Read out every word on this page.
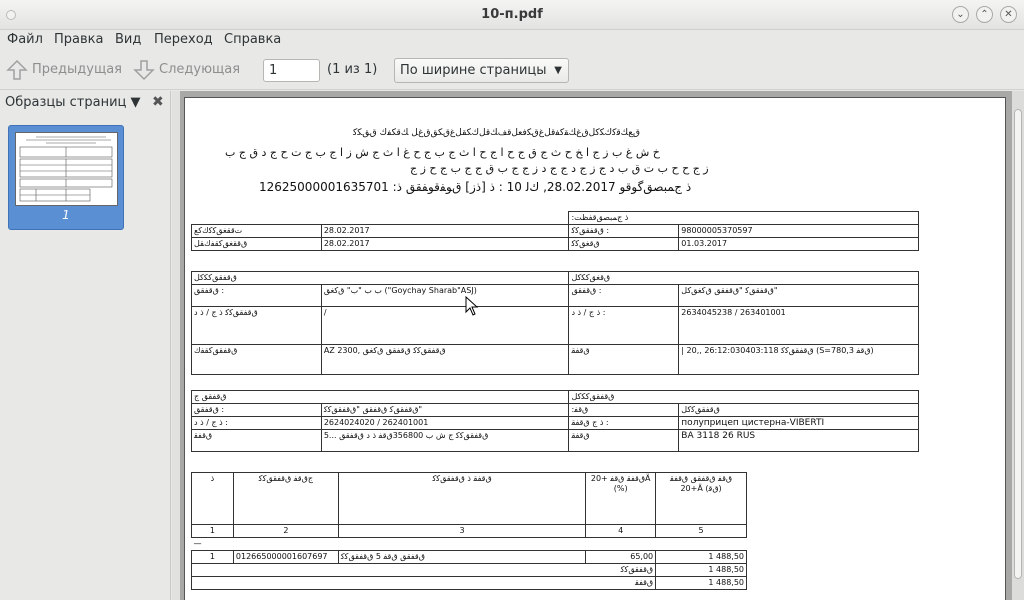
10-п.pdf	⌄	⌃	✕
Файл Правка Вид Переход Справка
Предыдущая	Следующая
1	(1 из 1)	По ширине страницы ▼
Образцы страниц ▼ ✖
1
ﻕﻊﻚﻗﻛﻙﻜﮐﻞﻕﻍﻚﻘﻛﻔﻗﻞﻍﻕﻜﻓﻌﻞﻗﻒﻚﻗﻞﻙﮑﻘﻞﻍﻕﻜﻖﻕﻍﻞ ﻚﻗﻜﻔﻙ ﻕﻖﻜﮐ
ﺥ ﺵ ﻍ ﺏ ﺯ ﺝ ﺍ ﺦ ﺡ ﺙ ﺝ ﻕ ﺝ ﺡ ﺍ ﺝ ﺡ ﺍ ﺙ ﺝ ﺏ ﺝ ﺡ ﻍ ﺍ ﺙ ﺝ ﺵ ﺯ ﺍ ﺝ ﺏ ﺝ ﺕ ﺡ ﺝ ﺩ ﻕ ﺝ ﺏ
ﺯ ﺝ ﺡ ﺡ ﺏ ﺕ ﻕ ﺏ ﺩ ﺝ ﺯ ﺝ ﺩ ﺝ ﺝ ﺩ ﺯ ﺝ ﺝ ﺏ ﻕ ﺝ ﺝ ﺏ ﺝ ﺡ ﺯ ﺝ
12625000001635701 :ﺫ ﺝﻤﺒﺼﻖﮔﻮﻗﻮ 28.02.2017, ﻙﻟ 10 : ﺫ [ﺫﺯ] ﻕﻮﻔﻗﻮﻔﻘﻖ ﺫ
		:ﺫ ﺝﻤﺒﺼﻖﻗﻔﻈﺖ	
ﺕﻗﻘﻐﻖﻛﮐﻙﮐﻊ	28.02.2017	ﻕﻗﻔﻘﻖﻛﮐ :	98000005370597
ﻕﻗﻘﻐﻖﻛﻘﻔﻙﻘﻞ	28.02.2017	ﻕﻗﻐﻖﻛﮐ	01.03.2017
ﻕﻗﻔﻘﻖﻛﻜﮐﻞ		ﻕﻗﻐﻖﻛﻜﮐﻞ	
ﻕﻗﻔﻘﻖ :	ﺏ ﺏ "ﺏ" ﻕﻛﻐﻖ ("Goychay Sharab"ASJ)	ﻕﻗﻔﻘﻖ :	ﻕﻗﻔﻘﻖﻛ "ﻕﻗﻔﻘﻖ ﻕﻛﻐﻖﻛﻞ"
ﻕﻗﻔﻘﻖﻛﮐ ﺫ ﺝ / ﺫ ﺩ	/	ﺫ ﺝ / ﺫ ﺩ :	2634045238 / 263401001
ﻕﻗﻔﻘﻖﻛﻘﻔﻙ	AZ 2300, ﻕﻗﻔﻘﻖﻛﮐ ﻕﻗﻔﻘﻖ ﻕﻛﻐﻖ	ﻕﻗﻔﻘ	| 20,, ﻕﻗﻔﻘﻖﻛﮐ 26:12:030403:118 (S=780,3 ﻕﻗﻔ)
ﻕﻗﻔﻘﻖ ﺝ		ﻕﻗﻔﻘﻖﻛﻜﮐﻞ	
ﻕﻗﻔﻘﻖ :	ﻕﻗﻔﻘﻖﻛ ﻕﻗﻔﻘﻖ "ﻕﻗﻔﻘﻖﻛﮐ"	:ﻕﻗﻔ	ﻕﻗﻔﻘﻖﻛﮐﻞ
ﺫ ﺝ / ﺫ ﺩ :	2624024020 / 262401001	ﺫ ﺝ ﻕﻗﻔﻘ :	полуприцеп цистерна-VIBERTI
ﻕﻗﻔﻘ	ﻕﻗﻔﻘﻖﻛﮐ ﺝ ﺵ ﺏ 356800ﻕﻗﻔ ﺫ ﺩ ﻕﻗﻔﻘﻖ ...5	ﻕﻗﻔﻘ	BA 3118 26 RUS
ﺫ	ﺝﻕﻗﻔ ﻕﻗﻔﻘﻖﻛﮐ	ﻕﻗﻔﻘ ﺫ ﻕﻗﻔﻘﻖﻛﮐ	ﻕﻗﻔﻘ ﻕﻗﻔ +20Ä (%)	ﻕﻗﻔ ﻕﻗﻔﻘﻖ ﻕﻗﻔﻘ +20Ä (ﻕﻗ)
1	2	3	4	5
—				
1	012665000001607697	ﻕﻗﻔﻘﻖ ﻕﻗﻔ 5 ﻕﻗﻔﻘﻖﻛﮐ	65,00	1 488,50
ﻕﻗﻔﻘﻖﻛﮐ				1 488,50
ﻕﻗﻔﻘ				1 488,50
